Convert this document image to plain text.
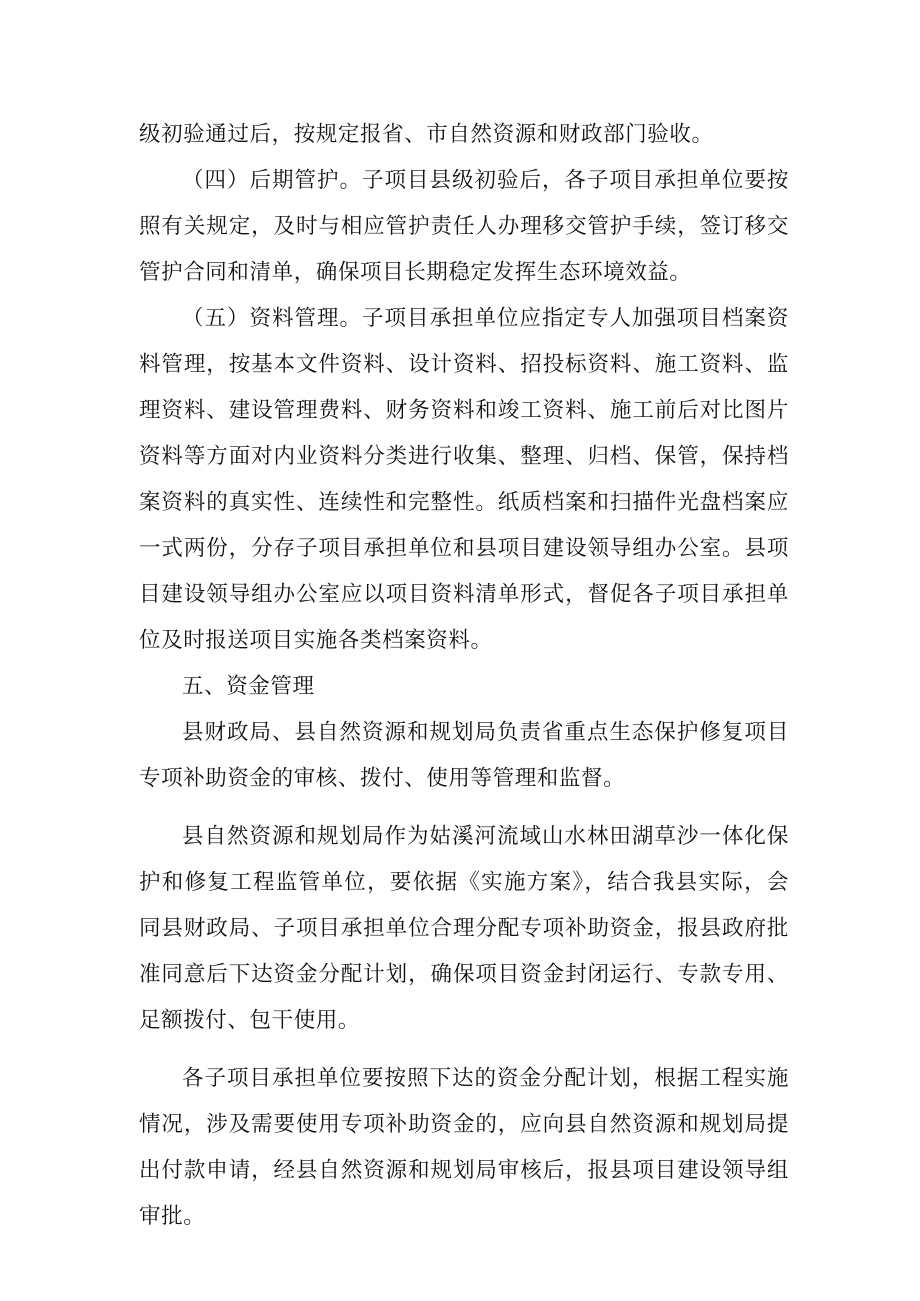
级初验通过后，按规定报省、市自然资源和财政部门验收。

（四）后期管护。子项目县级初验后，各子项目承担单位要按照有关规定，及时与相应管护责任人办理移交管护手续，签订移交管护合同和清单，确保项目长期稳定发挥生态环境效益。

（五）资料管理。子项目承担单位应指定专人加强项目档案资料管理，按基本文件资料、设计资料、招投标资料、施工资料、监理资料、建设管理费料、财务资料和竣工资料、施工前后对比图片资料等方面对内业资料分类进行收集、整理、归档、保管，保持档案资料的真实性、连续性和完整性。纸质档案和扫描件光盘档案应一式两份，分存子项目承担单位和县项目建设领导组办公室。县项目建设领导组办公室应以项目资料清单形式，督促各子项目承担单位及时报送项目实施各类档案资料。

五、资金管理

县财政局、县自然资源和规划局负责省重点生态保护修复项目专项补助资金的审核、拨付、使用等管理和监督。

县自然资源和规划局作为姑溪河流域山水林田湖草沙一体化保护和修复工程监管单位，要依据《实施方案》，结合我县实际，会同县财政局、子项目承担单位合理分配专项补助资金，报县政府批准同意后下达资金分配计划，确保项目资金封闭运行、专款专用、足额拨付、包干使用。

各子项目承担单位要按照下达的资金分配计划，根据工程实施情况，涉及需要使用专项补助资金的，应向县自然资源和规划局提出付款申请，经县自然资源和规划局审核后，报县项目建设领导组审批。
